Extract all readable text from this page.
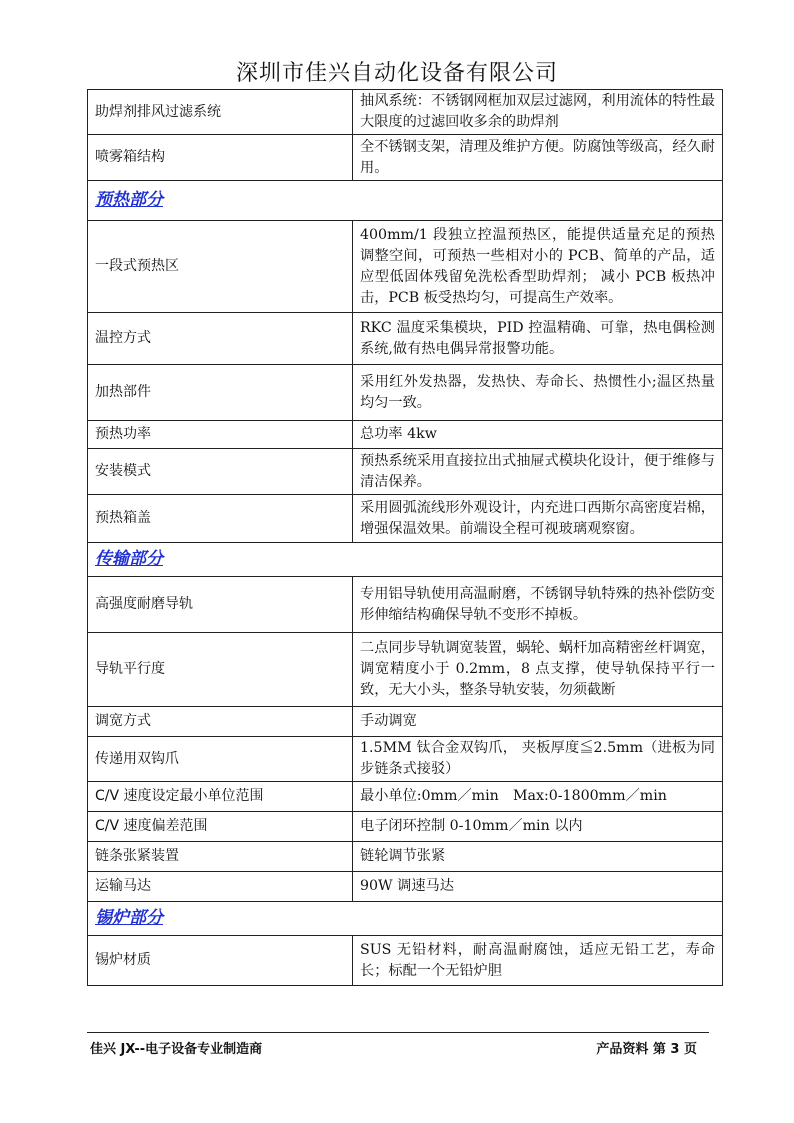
深圳市佳兴自动化设备有限公司
助焊剂排风过滤系统	抽风系统：不锈钢网框加双层过滤网，利用流体的特性最大限度的过滤回收多余的助焊剂
喷雾箱结构	全不锈钢支架，清理及维护方便。防腐蚀等级高，经久耐用。
预热部分	
一段式预热区	400mm/1 段独立控温预热区，能提供适量充足的预热调整空间，可预热一些相对小的 PCB、简单的产品，适应型低固体残留免洗松香型助焊剂； 减小 PCB 板热冲击，PCB 板受热均匀，可提高生产效率。
温控方式	RKC 温度采集模块，PID 控温精确、可靠，热电偶检测系统,做有热电偶异常报警功能。
加热部件	采用红外发热器，发热快、寿命长、热惯性小;温区热量均匀一致。
预热功率	总功率 4kw
安装模式	预热系统采用直接拉出式抽屉式模块化设计，便于维修与清洁保养。
预热箱盖	采用圆弧流线形外观设计，内充进口西斯尔高密度岩棉，增强保温效果。前端设全程可视玻璃观察窗。
传输部分	
高强度耐磨导轨	专用铝导轨使用高温耐磨，不锈钢导轨特殊的热补偿防变形伸缩结构确保导轨不变形不掉板。
导轨平行度	二点同步导轨调宽装置，蜗轮、蜗杆加高精密丝杆调宽，调宽精度小于 0.2mm，8 点支撑，使导轨保持平行一致，无大小头，整条导轨安装，勿须截断
调宽方式	手动调宽
传递用双钩爪	1.5MM 钛合金双钩爪， 夹板厚度≦2.5mm（进板为同步链条式接驳）
C/V 速度设定最小单位范围	最小单位:0mm／min　Max:0-1800mm／min
C/V 速度偏差范围	电子闭环控制 0-10mm／min 以内
链条张紧装置	链轮调节张紧
运输马达	90W 调速马达
锡炉部分	
锡炉材质	SUS 无铅材料，耐高温耐腐蚀，适应无铅工艺，寿命长；标配一个无铅炉胆
佳兴 JX--电子设备专业制造商	产品资料 第 3 页
